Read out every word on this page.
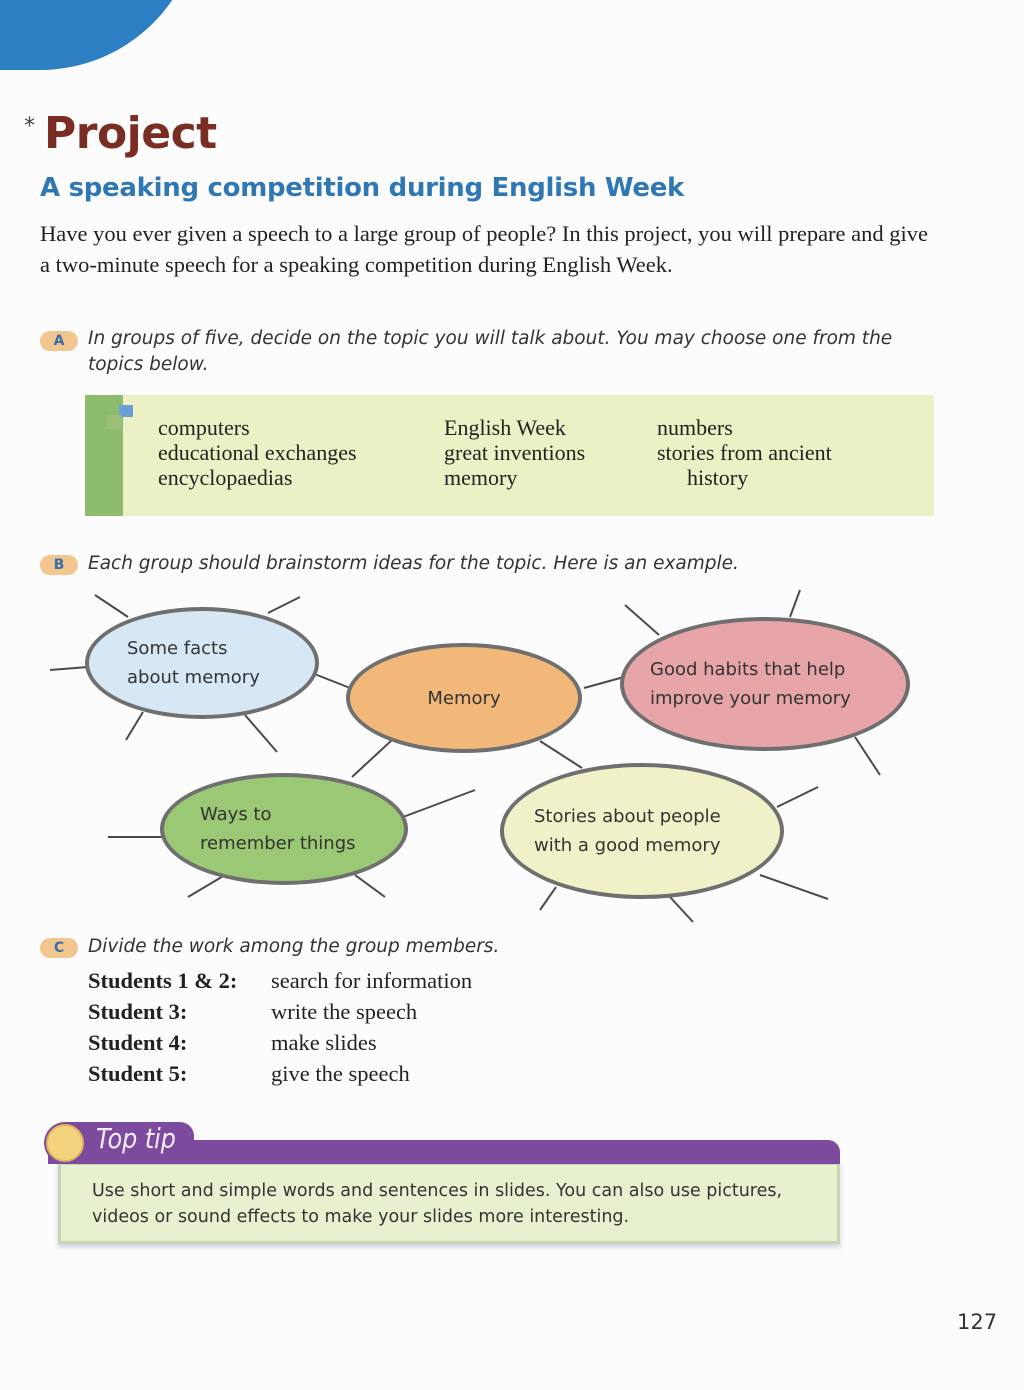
* Project
A speaking competition during English Week
Have you ever given a speech to a large group of people? In this project, you will prepare and give a two-minute speech for a speaking competition during English Week.
A	In groups of five, decide on the topic you will talk about. You may choose one from the topics below.
computers
educational exchanges
encyclopaedias
English Week
great inventions
memory
numbers
stories from ancient
history
B	Each group should brainstorm ideas for the topic. Here is an example.
Some facts
about memory
Memory
Good habits that help
improve your memory
Ways to
remember things
Stories about people
with a good memory
C	Divide the work among the group members.
Students 1 & 2: search for information
Student 3:	write the speech
Student 4:	make slides
Student 5:	give the speech
Top tip
Use short and simple words and sentences in slides. You can also use pictures, videos or sound effects to make your slides more interesting.
127
